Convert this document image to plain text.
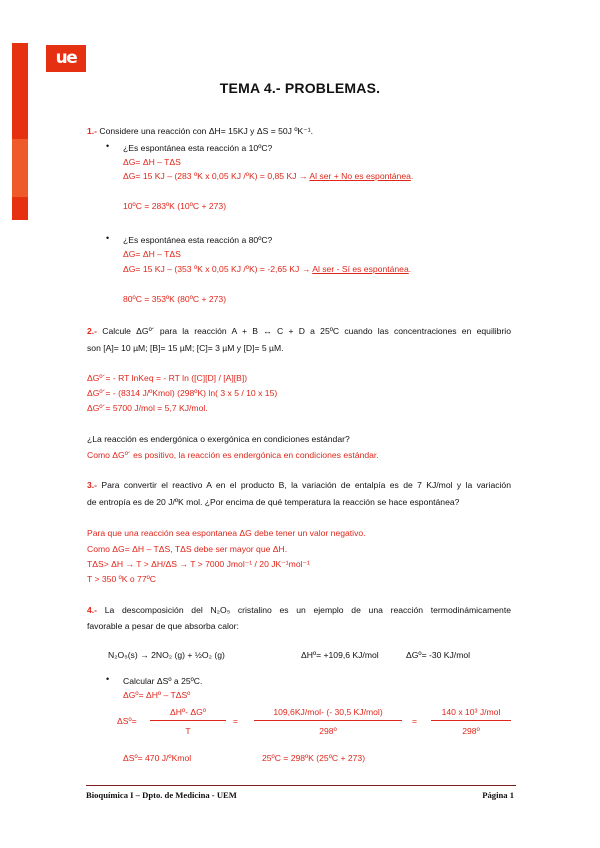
ue
TEMA 4.- PROBLEMAS.
1.- Considere una reacción con ΔH= 15KJ y ΔS = 50J ºK⁻¹.
• ¿Es espontánea esta reacción a 10ºC?
ΔG= ΔH – TΔS
ΔG= 15 KJ – (283 ºK x 0,05 KJ /ºK) = 0,85 KJ → Al ser + No es espontánea.
10ºC = 283ºK (10ºC + 273)
• ¿Es espontánea esta reacción a 80ºC?
ΔG= ΔH – TΔS
ΔG= 15 KJ – (353 ºK x 0,05 KJ /ºK) = -2,65 KJ → Al ser - Sí es espontánea.
80ºC = 353ºK (80ºC + 273)
2.- Calcule ΔGº´ para la reacción A + B ↔ C + D a 25ºC cuando las concentraciones en equilibrio
son [A]= 10 µM; [B]= 15 µM; [C]= 3 µM y [D]= 5 µM.
ΔGº´= - RT lnKeq = - RT ln ([C][D] / [A][B])
ΔGº´= - (8314 J/ºKmol) (298ºK) ln( 3 x 5 / 10 x 15)
ΔGº´= 5700 J/mol = 5,7 KJ/mol.
¿La reacción es endergónica o exergónica en condiciones estándar?
Como ΔGº´ es positivo, la reacción es endergónica en condiciones estándar.
3.- Para convertir el reactivo A en el producto B, la variación de entalpía es de 7 KJ/mol y la variación
de entropía es de 20 J/ºK mol. ¿Por encima de qué temperatura la reacción se hace espontánea?
Para que una reacción sea espontanea ΔG debe tener un valor negativo.
Como ΔG= ΔH – TΔS, TΔS debe ser mayor que ΔH.
TΔS> ΔH → T > ΔH/ΔS → T > 7000 Jmol⁻¹ / 20 JK⁻¹mol⁻¹
T > 350 ºK o 77ºC
4.- La descomposición del N₂O₅ cristalino es un ejemplo de una reacción termodinámicamente
favorable a pesar de que absorba calor:
N₂O₅(s) → 2NO₂ (g) + ½O₂ (g)	ΔHº= +109,6 KJ/mol	ΔGº= -30 KJ/mol
• Calcular ΔSº a 25ºC.
ΔGº= ΔHº – TΔSº
ΔSº=
ΔHº- ΔGº
T
=
109,6KJ/mol- (- 30,5 KJ/mol)
298º
=
140 x 10³ J/mol
298º
ΔSº= 470 J/ºKmol	25ºC = 298ºK (25ºC + 273)
Bioquímica I – Dpto. de Medicina - UEM	Página 1
